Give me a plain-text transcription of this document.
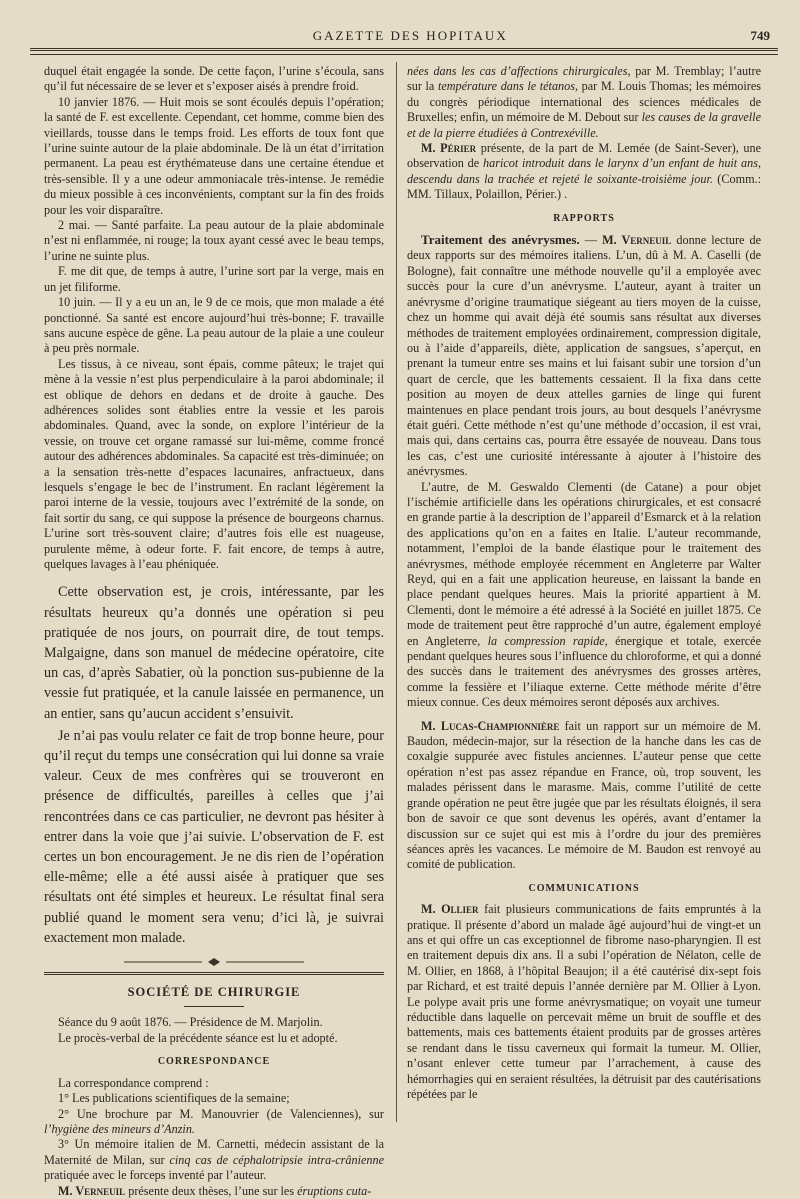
GAZETTE DES HOPITAUX	749

duquel était engagée la sonde. De cette façon, l’urine s’écoula, sans qu’il fut nécessaire de se lever et s’exposer aisés à prendre froid.

10 janvier 1876. — Huit mois se sont écoulés depuis l’opération; la santé de F. est excellente. Cependant, cet homme, comme bien des vieillards, tousse dans le temps froid. Les efforts de toux font que l’urine suinte autour de la plaie abdominale. De là un état d’irritation permanent. La peau est érythémateuse dans une certaine étendue et très-sensible. Il y a une odeur ammoniacale très-intense. Je remédie du mieux possible à ces inconvénients, comptant sur la fin des froids pour les voir disparaître.

2 mai. — Santé parfaite. La peau autour de la plaie abdominale n’est ni enflammée, ni rouge; la toux ayant cessé avec le beau temps, l’urine ne suinte plus.

F. me dit que, de temps à autre, l’urine sort par la verge, mais en un jet filiforme.

10 juin. — Il y a eu un an, le 9 de ce mois, que mon malade a été ponctionné. Sa santé est encore aujourd’hui très-bonne; F. travaille sans aucune espèce de gêne. La peau autour de la plaie a une couleur à peu près normale.

Les tissus, à ce niveau, sont épais, comme pâteux; le trajet qui mène à la vessie n’est plus perpendiculaire à la paroi abdominale; il est oblique de dehors en dedans et de droite à gauche. Des adhérences solides sont établies entre la vessie et les parois abdominales. Quand, avec la sonde, on explore l’intérieur de la vessie, on trouve cet organe ramassé sur lui-même, comme froncé autour des adhérences abdominales. Sa capacité est très-diminuée; on a la sensation très-nette d’espaces lacunaires, anfractueux, dans lesquels s’engage le bec de l’instrument. En raclant légèrement la paroi interne de la vessie, toujours avec l’extrémité de la sonde, on fait sortir du sang, ce qui suppose la présence de bourgeons charnus. L’urine sort très-souvent claire; d’autres fois elle est nuageuse, purulente même, à odeur forte. F. fait encore, de temps à autre, quelques lavages à l’eau phéniquée.

Cette observation est, je crois, intéressante, par les résultats heureux qu’a donnés une opération si peu pratiquée de nos jours, on pourrait dire, de tout temps. Malgaigne, dans son manuel de médecine opératoire, cite un cas, d’après Sabatier, où la ponction sus-pubienne de la vessie fut pratiquée, et la canule laissée en permanence, un an entier, sans qu’aucun accident s’ensuivit.

Je n’ai pas voulu relater ce fait de trop bonne heure, pour qu’il reçut du temps une consécration qui lui donne sa vraie valeur. Ceux de mes confrères qui se trouveront en présence de difficultés, pareilles à celles que j’ai rencontrées dans ce cas particulier, ne devront pas hésiter à entrer dans la voie que j’ai suivie. L’observation de F. est certes un bon encouragement. Je ne dis rien de l’opération elle-même; elle a été aussi aisée à pratiquer que ses résultats ont été simples et heureux. Le résultat final sera publié quand le moment sera venu; d’ici là, je suivrai exactement mon malade.

SOCIÉTÉ DE CHIRURGIE

Séance du 9 août 1876. — Présidence de M. Marjolin.

Le procès-verbal de la précédente séance est lu et adopté.

CORRESPONDANCE

La correspondance comprend :

1° Les publications scientifiques de la semaine;

2° Une brochure par M. Manouvrier (de Valenciennes), sur l’hygiène des mineurs d’Anzin.

3° Un mémoire italien de M. Carnetti, médecin assistant de la Maternité de Milan, sur cinq cas de céphalotripsie intra-crânienne pratiquée avec le forceps inventé par l’auteur.

M. Verneuil présente deux thèses, l’une sur les éruptions cuta-

nées dans les cas d’affections chirurgicales, par M. Tremblay; l’autre sur la température dans le tétanos, par M. Louis Thomas; les mémoires du congrès périodique international des sciences médicales de Bruxelles; enfin, un mémoire de M. Debout sur les causes de la gravelle et de la pierre étudiées à Contrexéville.

M. Périer présente, de la part de M. Lemée (de Saint-Sever), une observation de haricot introduit dans le larynx d’un enfant de huit ans, descendu dans la trachée et rejeté le soixante-troisième jour. (Comm.: MM. Tillaux, Polaillon, Périer.) .

RAPPORTS

Traitement des anévrysmes. — M. Verneuil donne lecture de deux rapports sur des mémoires italiens. L’un, dû à M. A. Caselli (de Bologne), fait connaître une méthode nouvelle qu’il a employée avec succès pour la cure d’un anévrysme. L’auteur, ayant à traiter un anévrysme d’origine traumatique siégeant au tiers moyen de la cuisse, chez un homme qui avait déjà été soumis sans résultat aux diverses méthodes de traitement employées ordinairement, compression digitale, ou à l’aide d’appareils, diète, application de sangsues, s’aperçut, en prenant la tumeur entre ses mains et lui faisant subir une torsion d’un quart de cercle, que les battements cessaient. Il la fixa dans cette position au moyen de deux attelles garnies de linge qui furent maintenues en place pendant trois jours, au bout desquels l’anévrysme était guéri. Cette méthode n’est qu’une méthode d’occasion, il est vrai, mais qui, dans certains cas, pourra être essayée de nouveau. Dans tous les cas, c’est une curiosité intéressante à ajouter à l’histoire des anévrysmes.

L’autre, de M. Geswaldo Clementi (de Catane) a pour objet l’ischémie artificielle dans les opérations chirurgicales, et est consacré en grande partie à la description de l’appareil d’Esmarck et à la relation des applications qu’on en a faites en Italie. L’auteur recommande, notamment, l’emploi de la bande élastique pour le traitement des anévrysmes, méthode employée récemment en Angleterre par Walter Reyd, qui en a fait une application heureuse, en laissant la bande en place pendant quelques heures. Mais la priorité appartient à M. Clementi, dont le mémoire a été adressé à la Société en juillet 1875. Ce mode de traitement peut être rapproché d’un autre, également employé en Angleterre, la compression rapide, énergique et totale, exercée pendant quelques heures sous l’influence du chloroforme, et qui a donné des succès dans le traitement des anévrysmes des grosses artères, comme la fessière et l’iliaque externe. Cette méthode mérite d’être mieux connue. Ces deux mémoires seront déposés aux archives.

M. Lucas-Championnière fait un rapport sur un mémoire de M. Baudon, médecin-major, sur la résection de la hanche dans les cas de coxalgie suppurée avec fistules anciennes. L’auteur pense que cette opération n’est pas assez répandue en France, où, trop souvent, les malades périssent dans le marasme. Mais, comme l’utilité de cette grande opération ne peut être jugée que par les résultats éloignés, il sera bon de savoir ce que sont devenus les opérés, avant d’entamer la discussion sur ce sujet qui est mis à l’ordre du jour des premières séances après les vacances. Le mémoire de M. Baudon est renvoyé au comité de publication.

COMMUNICATIONS

M. Ollier fait plusieurs communications de faits empruntés à la pratique. Il présente d’abord un malade âgé aujourd’hui de vingt-et un ans et qui offre un cas exceptionnel de fibrome naso-pharyngien. Il est en traitement depuis dix ans. Il a subi l’opération de Nélaton, celle de M. Ollier, en 1868, à l’hôpital Beaujon; il a été cautérisé dix-sept fois par Richard, et est traité depuis l’année dernière par M. Ollier à Lyon. Le polype avait pris une forme anévrysmatique; on voyait une tumeur réductible dans laquelle on percevait même un bruit de souffle et des battements, mais ces battements étaient produits par de grosses artères se rendant dans le tissu caverneux qui formait la tumeur. M. Ollier, n’osant enlever cette tumeur par l’arrachement, à cause des hémorrhagies qui en seraient résultées, la détruisit par des cautérisations répétées par le
